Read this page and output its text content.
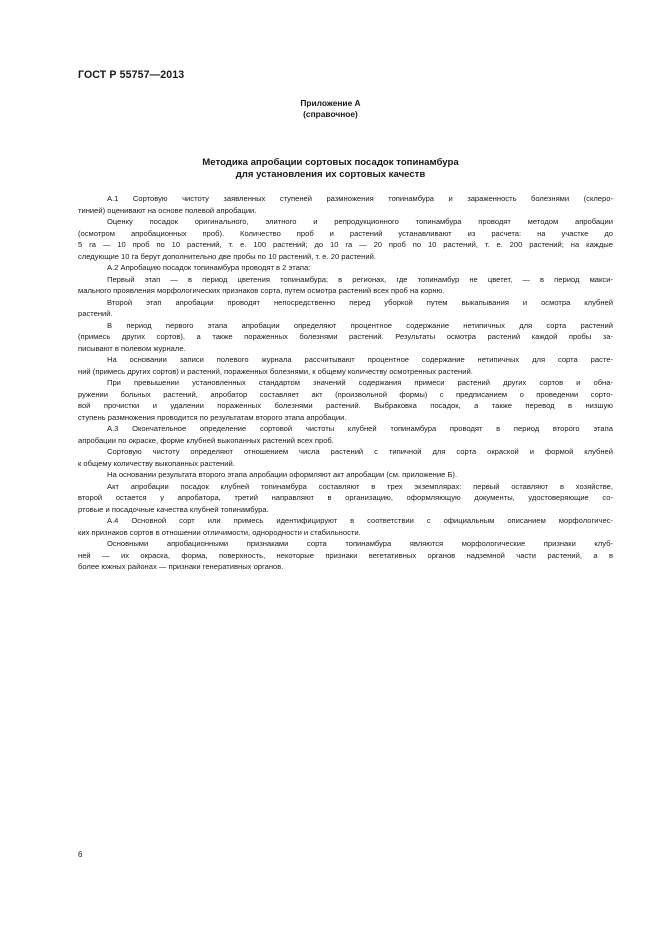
ГОСТ Р 55757—2013
Приложение А
(справочное)
Методика апробации сортовых посадок топинамбура
для установления их сортовых качеств
А.1 Сортовую чистоту заявленных ступеней размножения топинамбура и зараженность болезнями (склеро-
тинией) оценивают на основе полевой апробации.
Оценку посадок оригинального, элитного и репродукционного топинамбура проводят методом апробации
(осмотром апробационных проб). Количество проб и растений устанавливают из расчета: на участке до
5 га — 10 проб по 10 растений, т. е. 100 растений; до 10 га — 20 проб по 10 растений, т. е. 200 растений; на каждые
следующие 10 га берут дополнительно две пробы по 10 растений, т. е. 20 растений.
А.2 Апробацию посадок топинамбура проводят в 2 этапа:
Первый этап — в период цветения топинамбура; в регионах, где топинамбур не цветет, — в период макси-
мального проявления морфологических признаков сорта, путем осмотра растений всех проб на корню.
Второй этап апробации проводят непосредственно перед уборкой путем выкапывания и осмотра клубней
растений.
В период первого этапа апробации определяют процентное содержание нетипичных для сорта растений
(примесь других сортов), а также пораженных болезнями растений. Результаты осмотра растений каждой пробы за-
писывают в полевом журнале.
На основании записи полевого журнала рассчитывают процентное содержание нетипичных для сорта расте-
ний (примесь других сортов) и растений, пораженных болезнями, к общему количеству осмотренных растений.
При превышении установленных стандартом значений содержания примеси растений других сортов и обна-
ружении больных растений, апробатор составляет акт (произвольной формы) с предписанием о проведении сорто-
вой прочистки и удалении пораженных болезнями растений. Выбраковка посадок, а также перевод в низшую
ступень размножения проводится по результатам второго этапа апробации.
А.3 Окончательное определение сортовой чистоты клубней топинамбура проводят в период второго этапа
апробации по окраске, форме клубней выкопанных растений всех проб.
Сортовую чистоту определяют отношением числа растений с типичной для сорта окраской и формой клубней
к общему количеству выкопанных растений.
На основании результата второго этапа апробации оформляют акт апробации (см. приложение Б).
Акт апробации посадок клубней топинамбура составляют в трех экземплярах: первый оставляют в хозяйстве,
второй остается у апробатора, третий направляют в организацию, оформляющую документы, удостоверяющие со-
ртовые и посадочные качества клубней топинамбура.
А.4 Основной сорт или примесь идентифицируют в соответствии с официальным описанием морфологичес-
ких признаков сортов в отношении отличимости, однородности и стабильности.
Основными апробационными признаками сорта топинамбура являются морфологические признаки клуб-
ней — их окраска, форма, поверхность, некоторые признаки вегетативных органов надземной части растений, а в
более южных районах — признаки генеративных органов.
6
